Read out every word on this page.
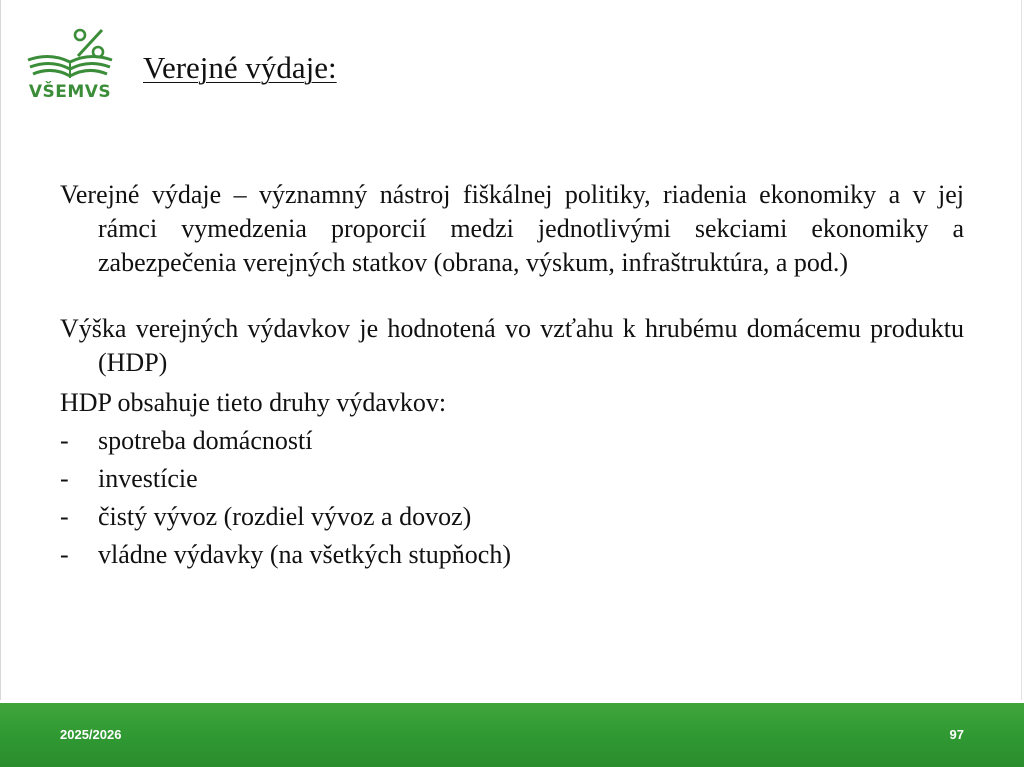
VŠEMVS
Verejné výdaje:

Verejné výdaje – významný nástroj fiškálnej politiky, riadenia ekonomiky a v jej rámci vymedzenia proporcií medzi jednotlivými sekciami ekonomiky a zabezpečenia verejných statkov (obrana, výskum, infraštruktúra, a pod.)

Výška verejných výdavkov je hodnotená vo vzťahu k hrubému domácemu produktu (HDP)

HDP obsahuje tieto druhy výdavkov:

- spotreba domácností
- investície
- čistý vývoz (rozdiel vývoz a dovoz)
- vládne výdavky (na všetkých stupňoch)
2025/2026	97
